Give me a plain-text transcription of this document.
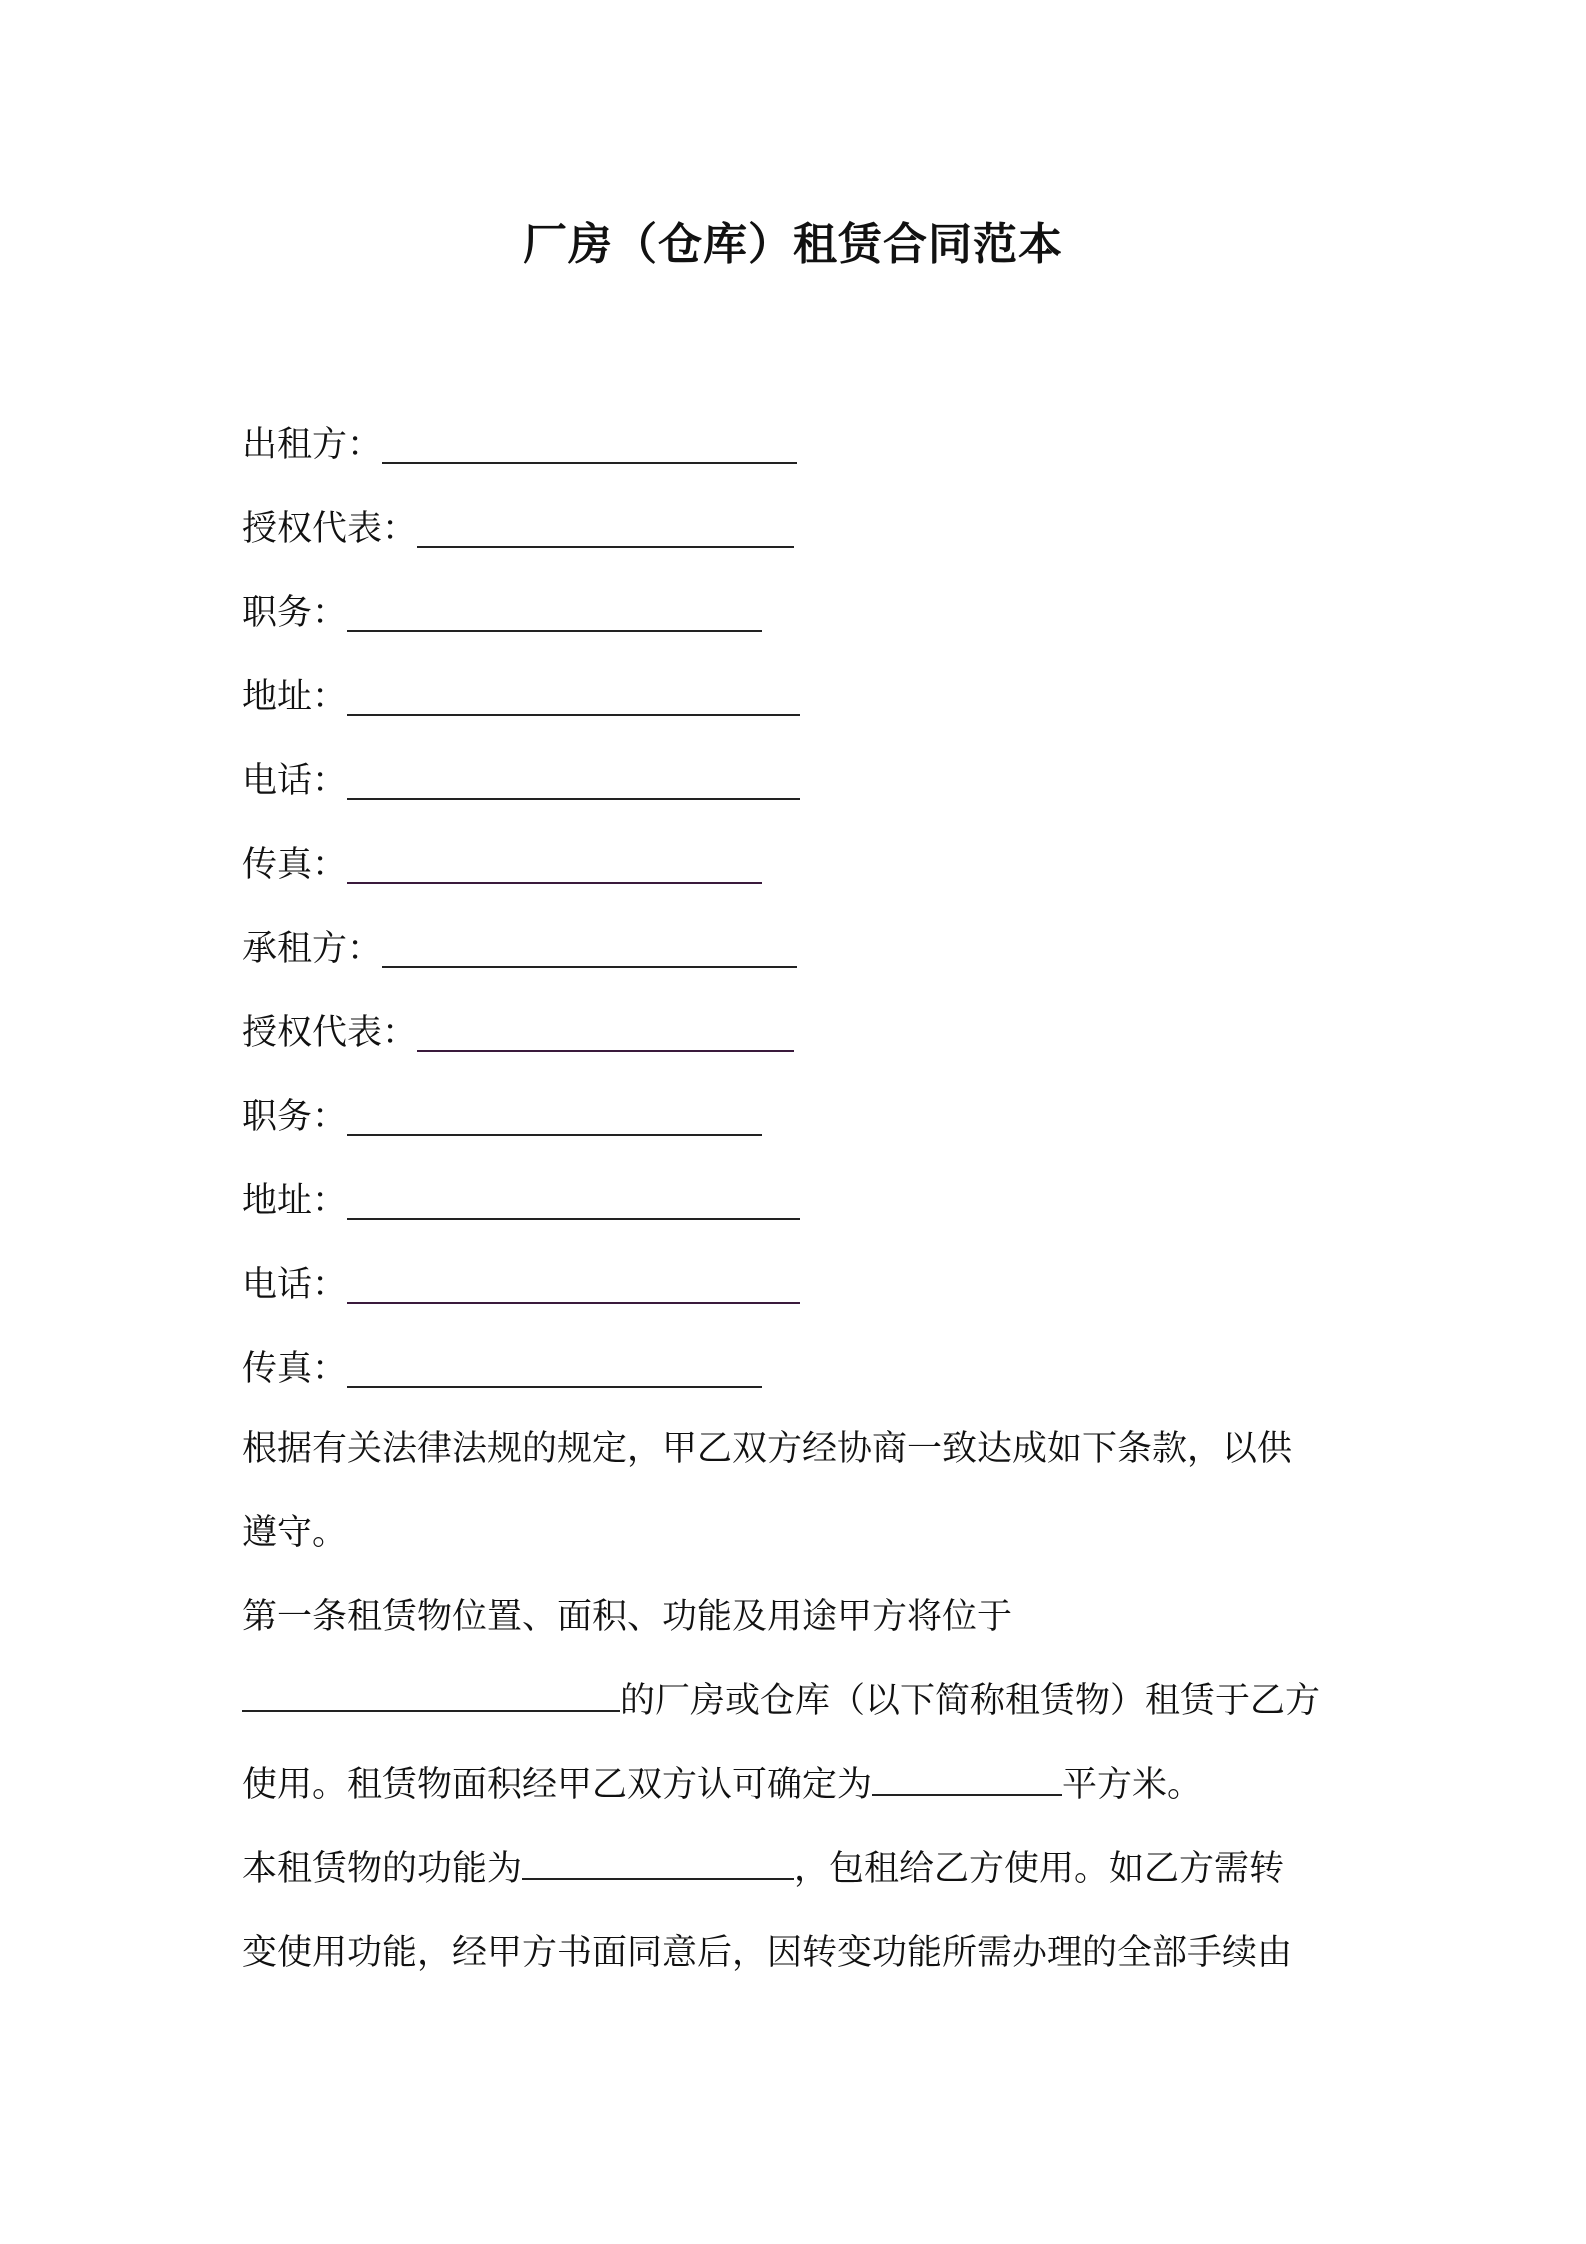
厂房（仓库）租赁合同范本
出租方：
授权代表：
职务：
地址：
电话：
传真：
承租方：
授权代表：
职务：
地址：
电话：
传真：
根据有关法律法规的规定，甲乙双方经协商一致达成如下条款，以供
遵守。
第一条租赁物位置、面积、功能及用途甲方将位于
的厂房或仓库（以下简称租赁物）租赁于乙方
使用。租赁物面积经甲乙双方认可确定为	平方米。
本租赁物的功能为	，包租给乙方使用。如乙方需转
变使用功能，经甲方书面同意后，因转变功能所需办理的全部手续由
